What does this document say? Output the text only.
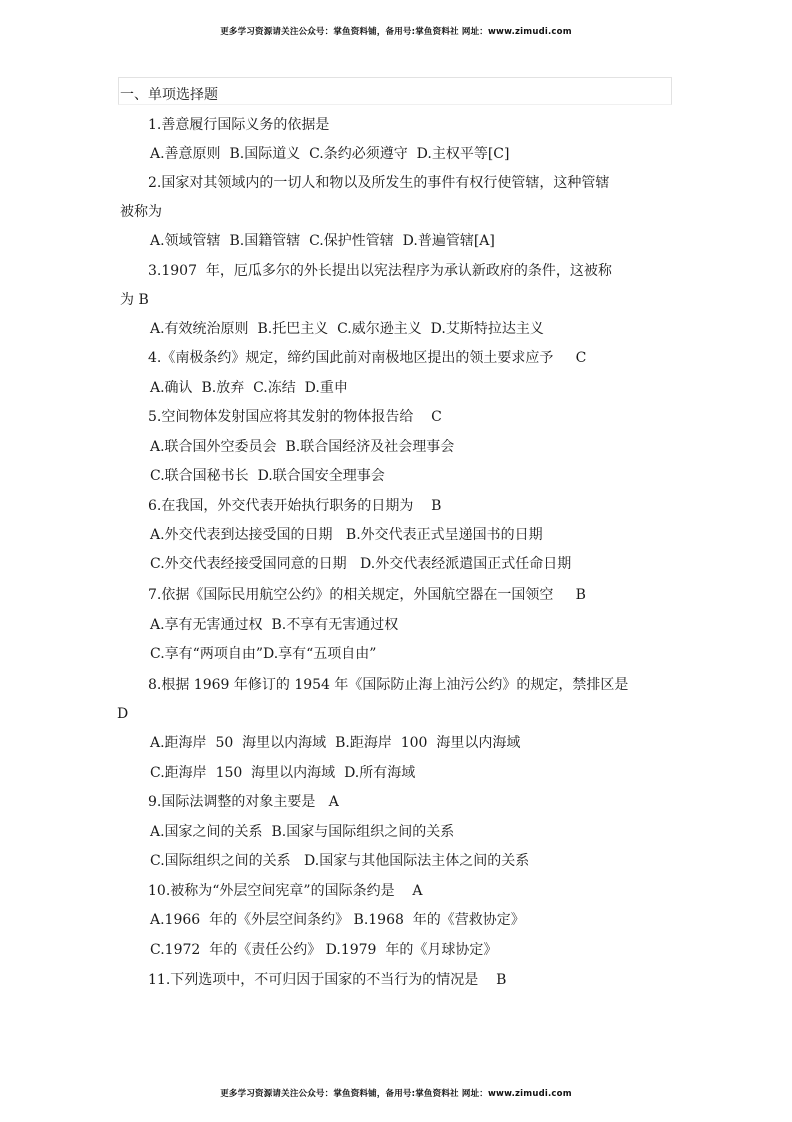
更多学习资源请关注公众号：掌鱼资料铺，备用号:掌鱼资料社 网址：www.zimudi.com
一、单项选择题
1.善意履行国际义务的依据是
A.善意原则  B.国际道义  C.条约必须遵守  D.主权平等[C]
2.国家对其领域内的一切人和物以及所发生的事件有权行使管辖，这种管辖
被称为
A.领域管辖  B.国籍管辖  C.保护性管辖  D.普遍管辖[A]
3.1907  年，厄瓜多尔的外长提出以宪法程序为承认新政府的条件，这被称
为 B
A.有效统治原则  B.托巴主义  C.威尔逊主义  D.艾斯特拉达主义
4.《南极条约》规定，缔约国此前对南极地区提出的领土要求应予     C
A.确认  B.放弃  C.冻结  D.重申
5.空间物体发射国应将其发射的物体报告给    C
A.联合国外空委员会  B.联合国经济及社会理事会
C.联合国秘书长  D.联合国安全理事会
6.在我国，外交代表开始执行职务的日期为    B
A.外交代表到达接受国的日期   B.外交代表正式呈递国书的日期
C.外交代表经接受国同意的日期   D.外交代表经派遣国正式任命日期
7.依据《国际民用航空公约》的相关规定，外国航空器在一国领空     B
A.享有无害通过权  B.不享有无害通过权
C.享有“两项自由”D.享有“五项自由”
8.根据 1969 年修订的 1954 年《国际防止海上油污公约》的规定，禁排区是
D
A.距海岸  50  海里以内海域  B.距海岸  100  海里以内海域
C.距海岸  150  海里以内海域  D.所有海域
9.国际法调整的对象主要是   A
A.国家之间的关系  B.国家与国际组织之间的关系
C.国际组织之间的关系   D.国家与其他国际法主体之间的关系
10.被称为“外层空间宪章”的国际条约是    A
A.1966  年的《外层空间条约》 B.1968  年的《营救协定》
C.1972  年的《责任公约》 D.1979  年的《月球协定》
11.下列选项中，不可归因于国家的不当行为的情况是    B
更多学习资源请关注公众号：掌鱼资料铺，备用号:掌鱼资料社 网址：www.zimudi.com
